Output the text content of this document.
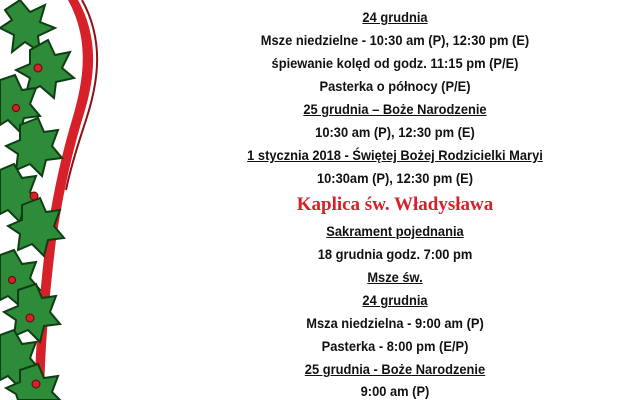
24 grudnia
Msze niedzielne - 10:30 am (P), 12:30 pm (E)
śpiewanie kolęd od godz. 11:15 pm (P/E)
Pasterka o północy (P/E)
25 grudnia – Boże Narodzenie
10:30 am (P), 12:30 pm (E)
1 stycznia 2018 - Świętej Bożej Rodzicielki Maryi
10:30am (P), 12:30 pm (E)
Kaplica św. Władysława
Sakrament pojednania
18 grudnia godz. 7:00 pm
Msze św.
24 grudnia
Msza niedzielna - 9:00 am (P)
Pasterka - 8:00 pm (E/P)
25 grudnia - Boże Narodzenie
9:00 am (P)
